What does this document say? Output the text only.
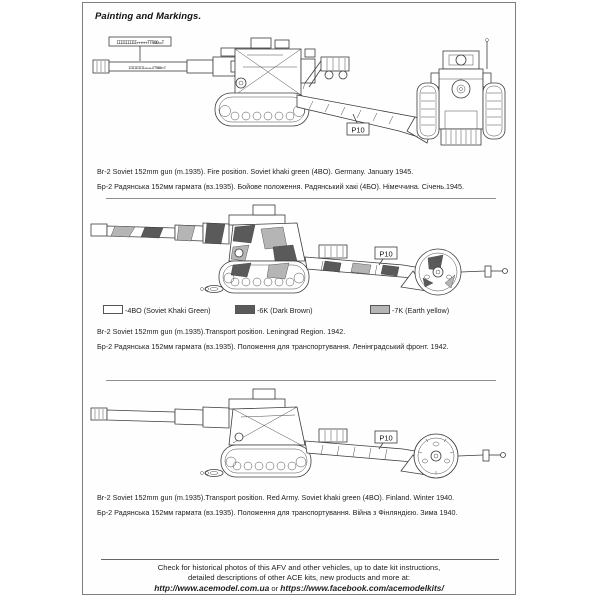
Painting and Markings.
IIIIIIIIIII++++++TTT000==T
IIIIIIIIIII++++++TTT000==T
P10
Br-2 Soviet 152mm gun (m.1935). Fire position. Soviet khaki green (4BO). Germany. January 1945.
Бр-2 Радянська 152мм гармата (вз.1935). Бойове положення. Радянський хакі (4БО). Німеччина. Січень.1945.
P10
-4BO (Soviet Khaki Green)	-6K (Dark Brown)	-7K (Earth yellow)
Br-2 Soviet 152mm gun (m.1935).Transport position. Leningrad Region. 1942.
Бр-2 Радянська 152мм гармата (вз.1935). Положення для транспортування. Ленінградський фронт. 1942.
P10
Br-2 Soviet 152mm gun (m.1935).Transport position. Red Army. Soviet khaki green (4BO). Finland. Winter 1940.
Бр-2 Радянська 152мм гармата (вз.1935). Положення для транспортування. Війна з Фінляндією. Зима 1940.
Check for historical photos of this AFV and other vehicles, up to date kit instructions,
detailed descriptions of other ACE kits, new products and more at:
http://www.acemodel.com.ua or https://www.facebook.com/acemodelkits/
